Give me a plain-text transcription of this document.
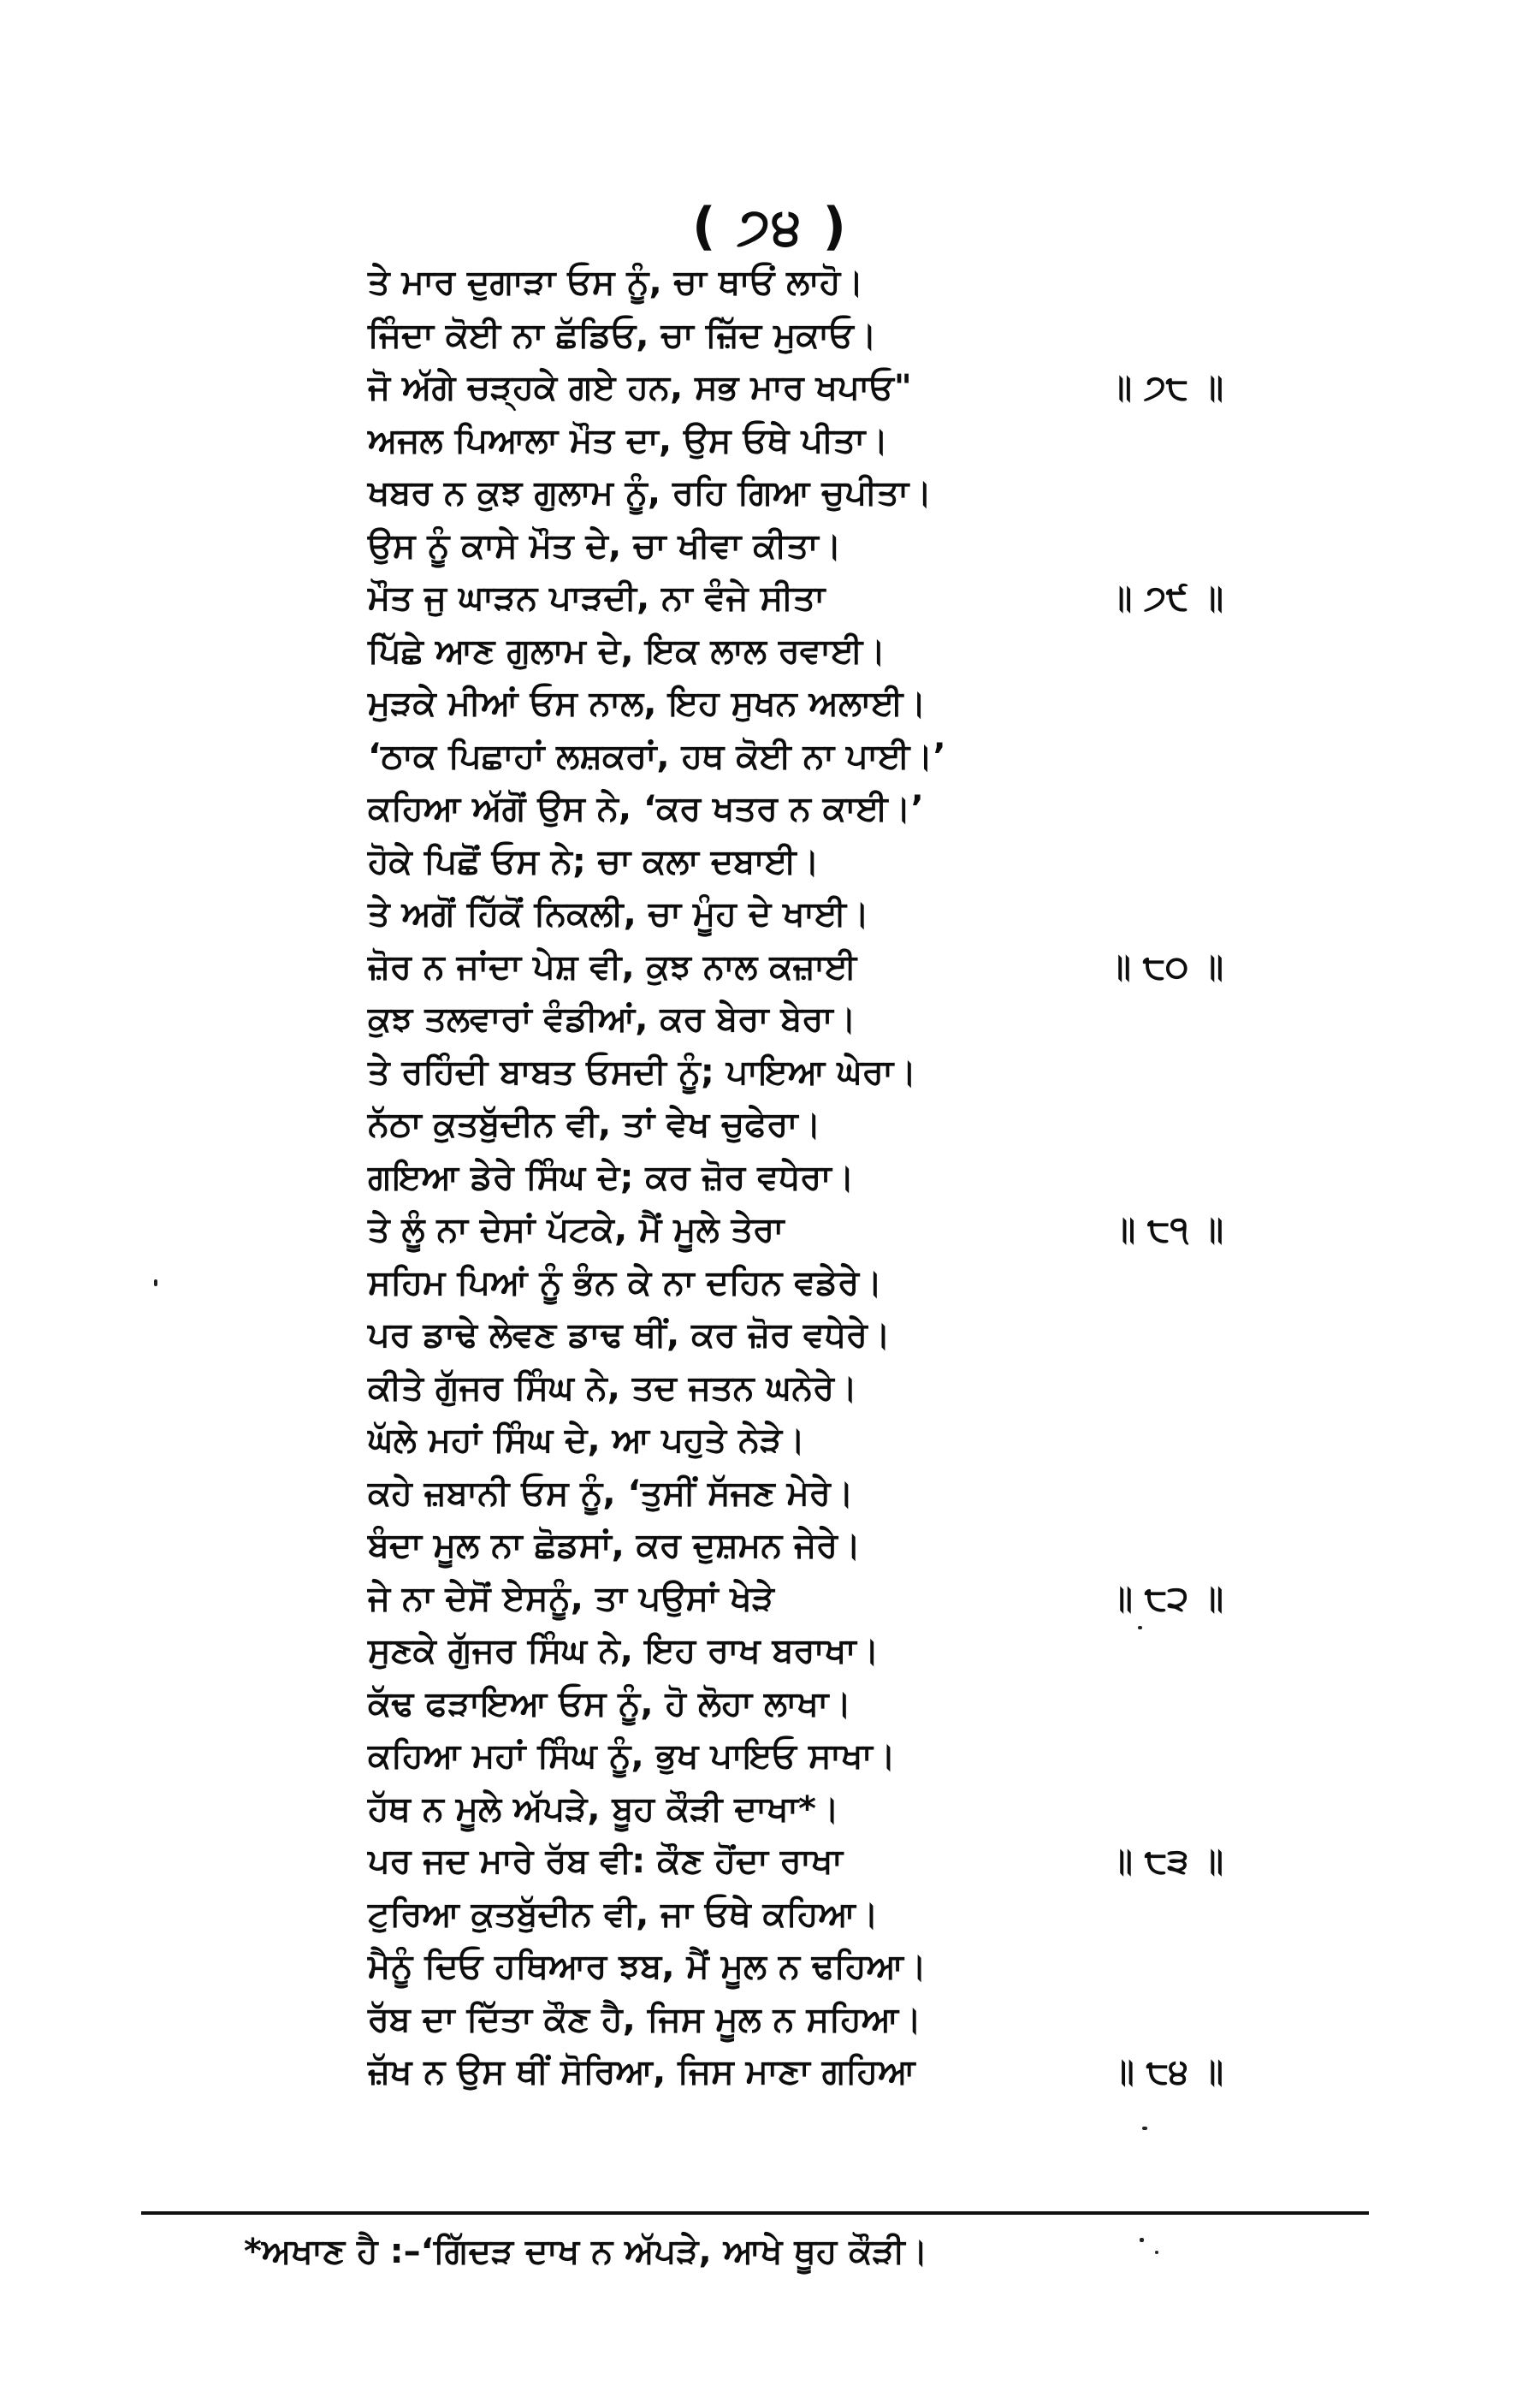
( ੭੪ )
ਤੇ ਮਾਰ ਦੁਗਾੜਾ ਓਸ ਨੂੰ, ਚਾ ਥਾਓਂ ਲਾਹੋ।
ਜਿੰਦਾ ਕੋਈ ਨਾ ਛੱਡਿਓ, ਚਾ ਜ਼ਿੱਦ ਮੁਕਾਓ।
ਜੋ ਅੱਗੇ ਚੜ੍ਹਕੇ ਗਏ ਹਨ, ਸਭ ਮਾਰ ਖਪਾਓ"	॥ ੭੮ ॥
ਅਜਲ ਪਿਆਲਾ ਮੌਤ ਦਾ, ਉਸ ਓਥੇ ਪੀਤਾ।
ਖਬਰ ਨ ਕੁਝ ਗੁਲਾਮ ਨੂੰ, ਰਹਿ ਗਿਆ ਚੁਪੀਤਾ।
ਉਸ ਨੂੰ ਕਾਸੇ ਮੌਤ ਦੇ, ਚਾ ਖੀਵਾ ਕੀਤਾ।
ਮੌਤ ਜੁ ਘਾੜਨ ਪਾੜਦੀ, ਨਾ ਵੰਜੇ ਸੀਤਾ	॥ ੭੯ ॥
ਪਿੱਛੇ ਆਣ ਗੁਲਾਮ ਦੇ, ਇਕ ਲਾਲ ਰਵਾਈ।
ਮੁੜਕੇ ਮੀਆਂ ਓਸ ਨਾਲ, ਇਹ ਸੁਖਨ ਅਲਾਈ।
‘ਠਾਕ ਪਿਛਾਹਾਂ ਲਸ਼ਕਰਾਂ, ਹਥ ਕੋਈ ਨਾ ਪਾਈ।’
ਕਹਿਆ ਅੱਗੋਂ ਉਸ ਨੇ, ‘ਕਰ ਖਤਰ ਨ ਕਾਈ।’
ਹੋਕੇ ਪਿਛੋਂ ਓਸ ਨੇ; ਚਾ ਕਲਾ ਦਬਾਈ।
ਤੇ ਅਗੋਂ ਹਿੱਕੋਂ ਨਿਕਲੀ, ਚਾ ਮੂੰਹ ਦੇ ਖਾਈ।
ਜ਼ੋਰ ਨ ਜਾਂਦਾ ਪੇਸ਼ ਵੀ, ਕੁਝ ਨਾਲ ਕਜ਼ਾਈ	॥ ੮੦ ॥
ਕੁਝ ਤਲਵਾਰਾਂ ਵੰਡੀਆਂ, ਕਰ ਬੇਰਾ ਬੇਰਾ।
ਤੇ ਰਹਿੰਦੀ ਬਾਬਤ ਓਸਦੀ ਨੂੰ; ਪਾਇਆ ਘੇਰਾ।
ਨੱਠਾ ਕੁਤਬੁੱਦੀਨ ਵੀ, ਤਾਂ ਵੇਖ ਚੁਫੇਰਾ।
ਗਇਆ ਡੇਰੇ ਸਿੰਘ ਦੇ; ਕਰ ਜ਼ੋਰ ਵਧੇਰਾ।
ਤੇ ਲੂੰ ਨਾ ਦੇਸਾਂ ਪੱਟਕੇ, ਮੈਂ ਮੂਲੇ ਤੇਰਾ	॥ ੮੧ ॥
ਸਹਿਮ ਪਿਆਂ ਨੂੰ ਭੰਨ ਕੇ ਨਾ ਦਹਿਨ ਵਡੇਰੇ।
ਪਰ ਡਾਢੇ ਲੇਵਣ ਡਾਢ ਥੀਂ, ਕਰ ਜ਼ੋਰ ਵਧੇਰੇ।
ਕੀਤੇ ਗੁੱਜਰ ਸਿੰਘ ਨੇ, ਤਦ ਜਤਨ ਘਨੇਰੇ।
ਘੱਲੇ ਮਹਾਂ ਸਿੰਘ ਦੇ, ਆ ਪਹੁਤੇ ਨੇੜੇ।
ਕਹੇ ਜ਼ਬਾਨੀ ਓਸ ਨੂੰ, ‘ਤੁਸੀਂ ਸੱਜਣ ਮੇਰੇ।
ਬੰਦਾ ਮੂਲ ਨਾ ਛੋਡਸਾਂ, ਕਰ ਦੁਸ਼ਮਨ ਜੇਰੇ।
ਜੇ ਨਾ ਦੇਸੋਂ ਏਸਨੂੰ, ਤਾ ਪਉਸਾਂ ਖੇੜੇ	॥ ੮੨ ॥
ਸੁਣਕੇ ਗੁੱਜਰ ਸਿੰਘ ਨੇ, ਇਹ ਰਾਖ ਬਰਾਖਾ।
ਕੱਢ ਫੜਾਇਆ ਓਸ ਨੂੰ, ਹੋ ਲੋਹਾ ਲਾਖਾ।
ਕਹਿਆ ਮਹਾਂ ਸਿੰਘ ਨੂੰ, ਭੁਖ ਪਾਇਓ ਸਾਖਾ।
ਹੱਥ ਨ ਮੂਲੇ ਅੱਪੜੇ, ਬੂਹ ਕੌੜੀ ਦਾਖਾ*।
ਪਰ ਜਦ ਮਾਰੇ ਰੱਬ ਵੀ: ਕੌਣ ਹੋਂਦਾ ਰਾਖਾ	॥ ੮੩ ॥
ਟੁਰਿਆ ਕੁਤਬੁੱਦੀਨ ਵੀ, ਜਾ ਓਥੇ ਕਹਿਆ।
ਮੈਨੂੰ ਦਿਓ ਹਥਿਆਰ ਝਬ, ਮੈਂ ਮੂਲ ਨ ਢਹਿਆ।
ਰੱਬ ਦਾ ਦਿੱਤਾ ਕੌਣ ਹੈ, ਜਿਸ ਮੂਲ ਨ ਸਹਿਆ।
ਜ਼ੱਖ ਨ ਉਸ ਥੀਂ ਸੋਰਿਆ, ਜਿਸ ਮਾਣਾ ਗਹਿਆ	॥ ੮੪ ॥
*ਅਖਾਣ ਹੈ :–‘ਗਿੱਦੜ ਦਾਖ ਨ ਅੱਪੜੇ, ਆਖੇ ਥੂਹ ਕੌੜੀ।
